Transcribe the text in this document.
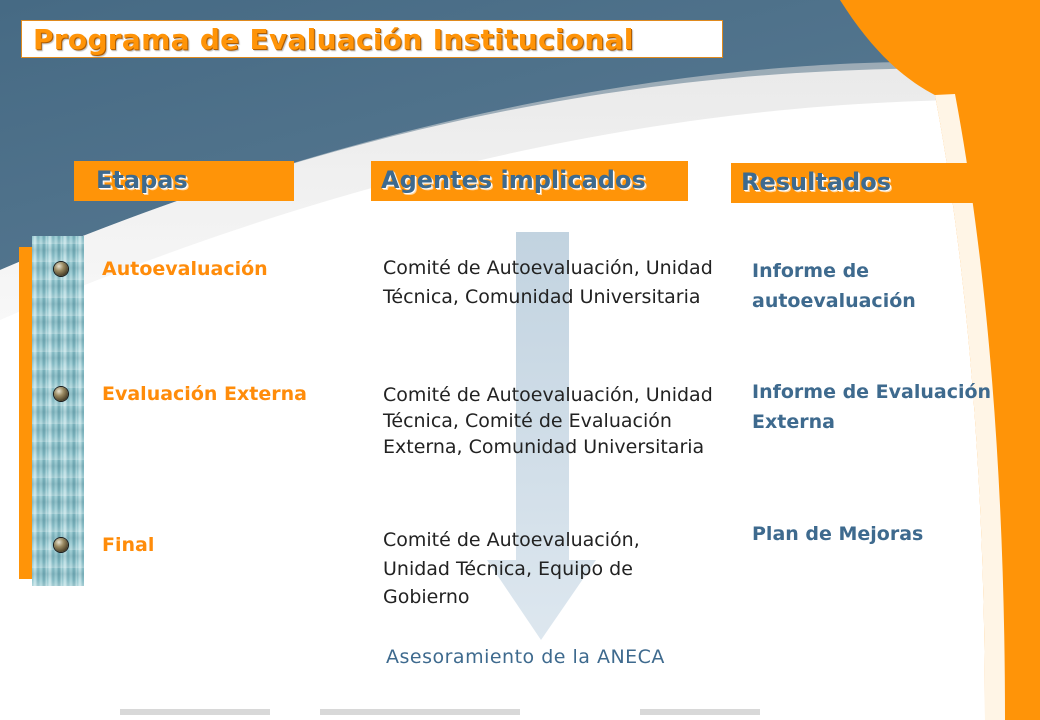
Programa de Evaluación Institucional
Etapas	Agentes implicados	Resultados
Autoevaluación
Evaluación Externa
Final
Comité de Autoevaluación, Unidad Técnica, Comunidad Universitaria
Comité de Autoevaluación, Unidad Técnica, Comité de Evaluación Externa, Comunidad Universitaria
Comité de Autoevaluación, Unidad Técnica, Equipo de Gobierno
Informe de autoevaluación
Informe de Evaluación Externa
Plan de Mejoras
Asesoramiento de la ANECA
